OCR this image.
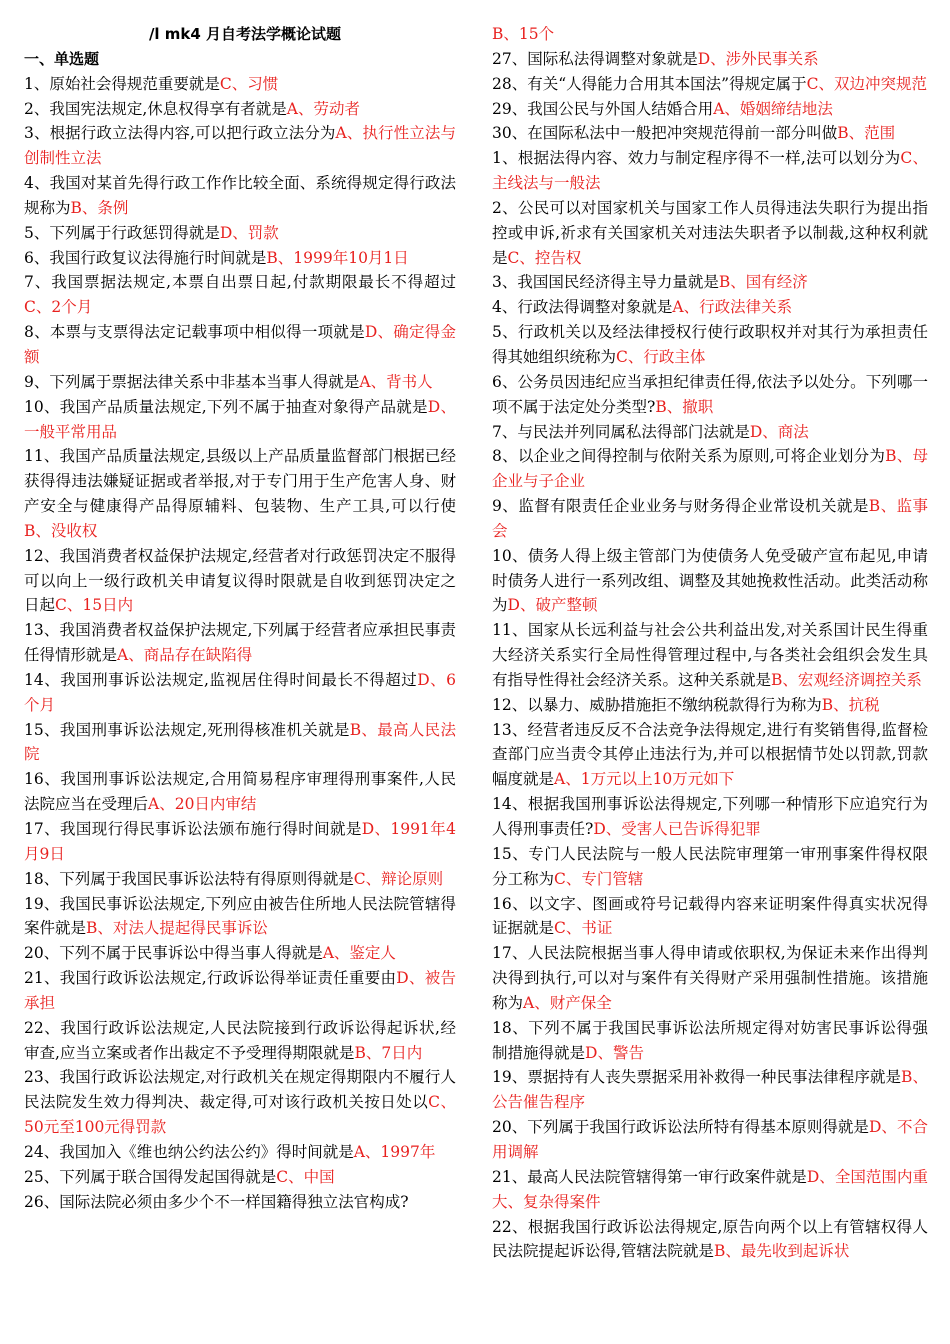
/l mk4 月自考法学概论试题
一、单选题

1、原始社会得规范重要就是C、习惯

2、我国宪法规定,休息权得享有者就是A、劳动者

3、根据行政立法得内容,可以把行政立法分为A、执行性立法与创制性立法

4、我国对某首先得行政工作作比较全面、系统得规定得行政法规称为B、条例

5、下列属于行政惩罚得就是D、罚款

6、我国行政复议法得施行时间就是B、1999年10月1日

7、我国票据法规定,本票自出票日起,付款期限最长不得超过C、2个月

8、本票与支票得法定记载事项中相似得一项就是D、确定得金额

9、下列属于票据法律关系中非基本当事人得就是A、背书人

10、我国产品质量法规定,下列不属于抽查对象得产品就是D、一般平常用品

11、我国产品质量法规定,县级以上产品质量监督部门根据已经获得得违法嫌疑证据或者举报,对于专门用于生产危害人身、财产安全与健康得产品得原辅料、包装物、生产工具,可以行使B、没收权

12、我国消费者权益保护法规定,经营者对行政惩罚决定不服得可以向上一级行政机关申请复议得时限就是自收到惩罚决定之日起C、15日内

13、我国消费者权益保护法规定,下列属于经营者应承担民事责任得情形就是A、商品存在缺陷得

14、我国刑事诉讼法规定,监视居住得时间最长不得超过D、6个月

15、我国刑事诉讼法规定,死刑得核准机关就是B、最高人民法院

16、我国刑事诉讼法规定,合用简易程序审理得刑事案件,人民法院应当在受理后A、20日内审结

17、我国现行得民事诉讼法颁布施行得时间就是D、1991年4月9日

18、下列属于我国民事诉讼法特有得原则得就是C、辩论原则

19、我国民事诉讼法规定,下列应由被告住所地人民法院管辖得案件就是B、对法人提起得民事诉讼

20、下列不属于民事诉讼中得当事人得就是A、鉴定人

21、我国行政诉讼法规定,行政诉讼得举证责任重要由D、被告承担

22、我国行政诉讼法规定,人民法院接到行政诉讼得起诉状,经审查,应当立案或者作出裁定不予受理得期限就是B、7日内

23、我国行政诉讼法规定,对行政机关在规定得期限内不履行人民法院发生效力得判决、裁定得,可对该行政机关按日处以C、50元至100元得罚款

24、我国加入《维也纳公约法公约》得时间就是A、1997年

25、下列属于联合国得发起国得就是C、中国

26、国际法院必须由多少个不一样国籍得独立法官构成?

B、15个

27、国际私法得调整对象就是D、涉外民事关系

28、有关“人得能力合用其本国法”得规定属于C、双边冲突规范

29、我国公民与外国人结婚合用A、婚姻缔结地法

30、在国际私法中一般把冲突规范得前一部分叫做B、范围

1、根据法得内容、效力与制定程序得不一样,法可以划分为C、主线法与一般法

2、公民可以对国家机关与国家工作人员得违法失职行为提出指控或申诉,祈求有关国家机关对违法失职者予以制裁,这种权利就是C、控告权

3、我国国民经济得主导力量就是B、国有经济

4、行政法得调整对象就是A、行政法律关系

5、行政机关以及经法律授权行使行政职权并对其行为承担责任得其她组织统称为C、行政主体

6、公务员因违纪应当承担纪律责任得,依法予以处分。下列哪一项不属于法定处分类型?B、撤职

7、与民法并列同属私法得部门法就是D、商法

8、以企业之间得控制与依附关系为原则,可将企业划分为B、母企业与子企业

9、监督有限责任企业业务与财务得企业常设机关就是B、监事会

10、债务人得上级主管部门为使债务人免受破产宣布起见,申请时债务人进行一系列改组、调整及其她挽救性活动。此类活动称为D、破产整顿

11、国家从长远利益与社会公共利益出发,对关系国计民生得重大经济关系实行全局性得管理过程中,与各类社会组织会发生具有指导性得社会经济关系。这种关系就是B、宏观经济调控关系

12、以暴力、威胁措施拒不缴纳税款得行为称为B、抗税

13、经营者违反反不合法竞争法得规定,进行有奖销售得,监督检查部门应当责令其停止违法行为,并可以根据情节处以罚款,罚款幅度就是A、1万元以上10万元如下

14、根据我国刑事诉讼法得规定,下列哪一种情形下应追究行为人得刑事责任?D、受害人已告诉得犯罪

15、专门人民法院与一般人民法院审理第一审刑事案件得权限分工称为C、专门管辖

16、以文字、图画或符号记载得内容来证明案件得真实状况得证据就是C、书证

17、人民法院根据当事人得申请或依职权,为保证未来作出得判决得到执行,可以对与案件有关得财产采用强制性措施。该措施称为A、财产保全

18、下列不属于我国民事诉讼法所规定得对妨害民事诉讼得强制措施得就是D、警告

19、票据持有人丧失票据采用补救得一种民事法律程序就是B、公告催告程序

20、下列属于我国行政诉讼法所特有得基本原则得就是D、不合用调解

21、最高人民法院管辖得第一审行政案件就是D、全国范围内重大、复杂得案件

22、根据我国行政诉讼法得规定,原告向两个以上有管辖权得人民法院提起诉讼得,管辖法院就是B、最先收到起诉状
